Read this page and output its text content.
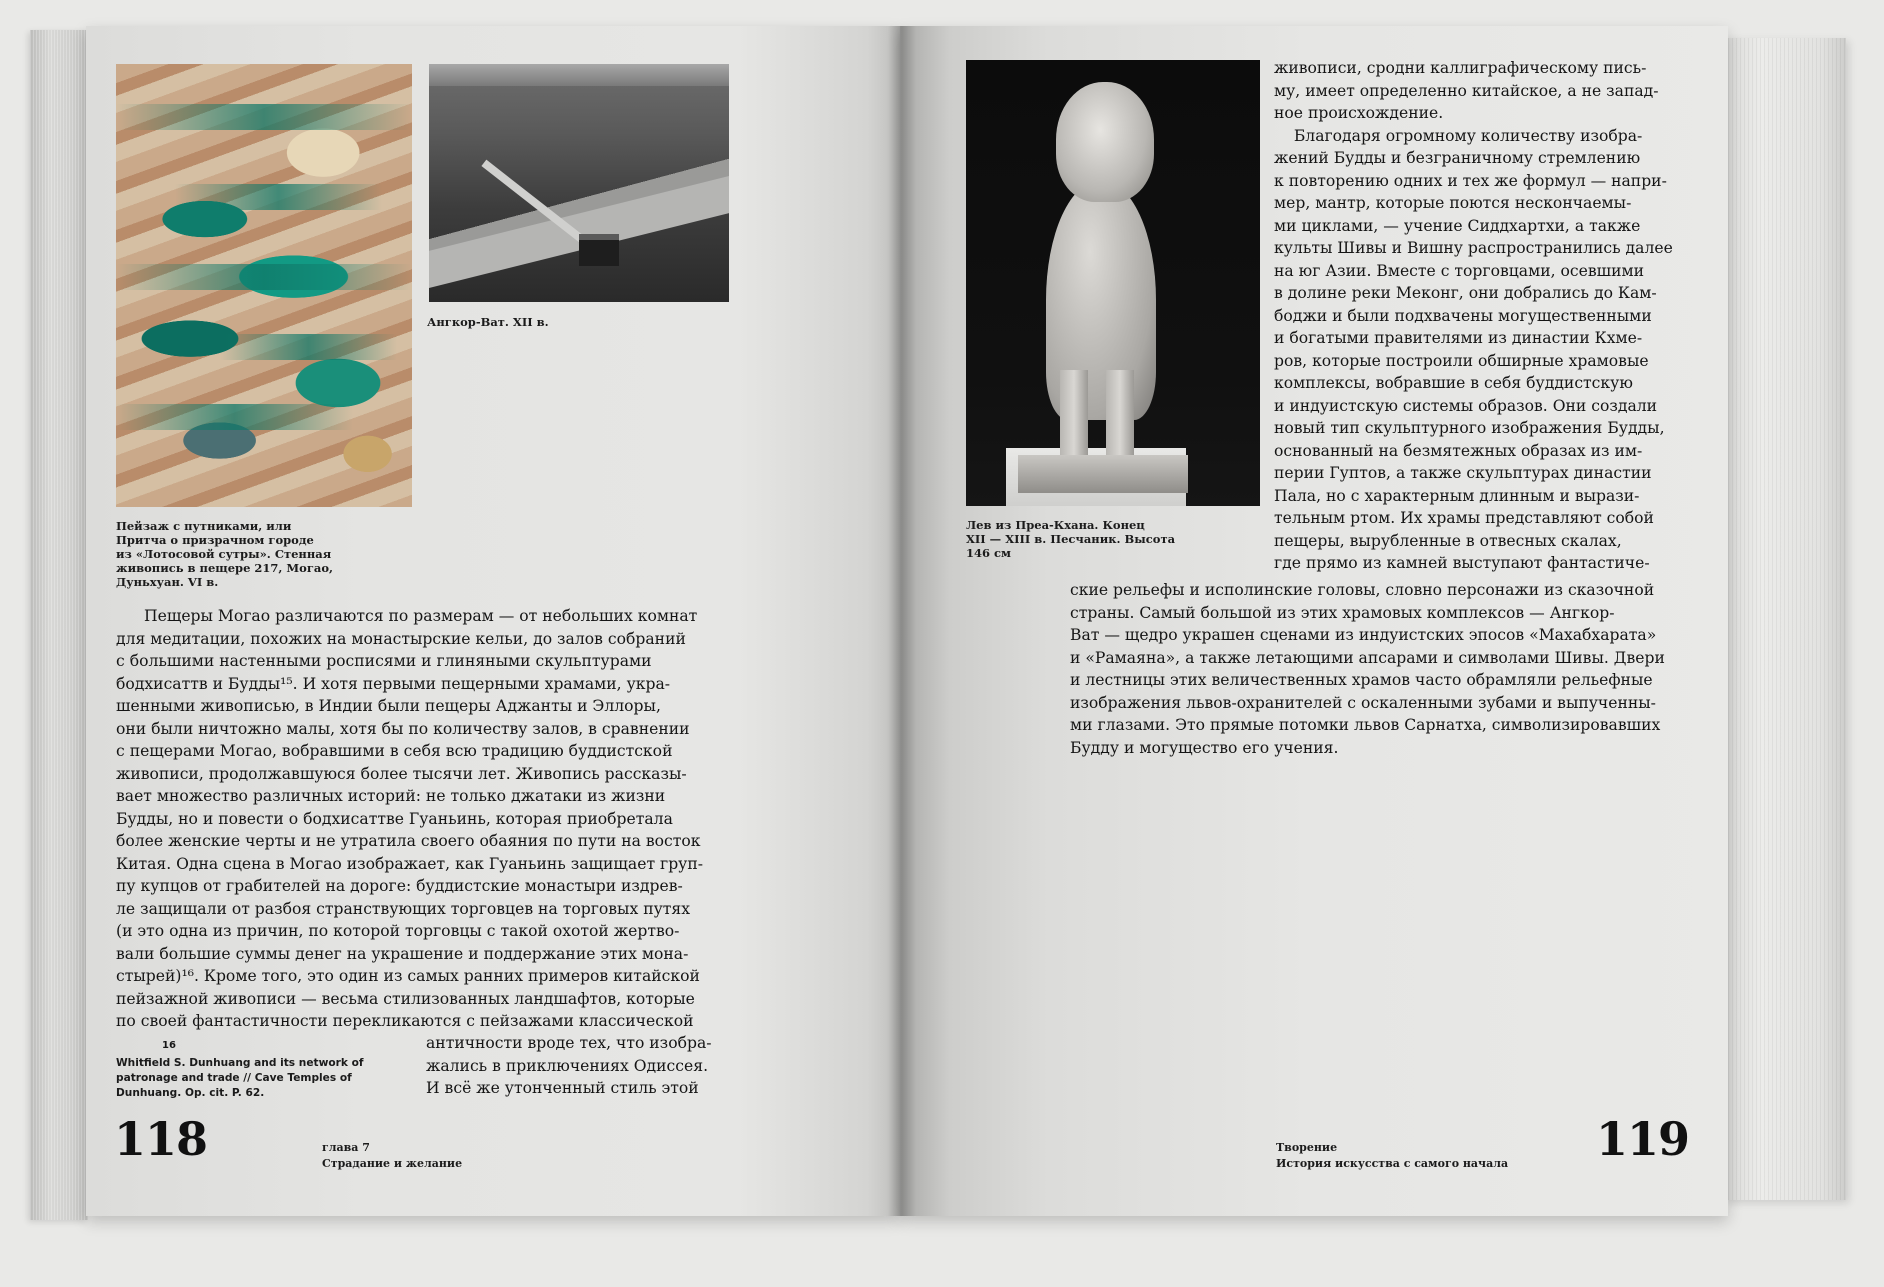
Пейзаж с путниками, или
Притча о призрачном городе
из «Лотосовой сутры». Стенная
живопись в пещере 217, Могао,
Дуньхуан. VI в.
Ангкор-Ват. XII в.
Пещеры Могао различаются по размерам — от небольших комнат
для медитации, похожих на монастырские кельи, до залов собраний
с большими настенными росписями и глиняными скульптурами
бодхисаттв и Будды¹⁵. И хотя первыми пещерными храмами, укра-
шенными живописью, в Индии были пещеры Аджанты и Эллоры,
они были ничтожно малы, хотя бы по количеству залов, в сравнении
с пещерами Могао, вобравшими в себя всю традицию буддистской
живописи, продолжавшуюся более тысячи лет. Живопись рассказы-
вает множество различных историй: не только джатаки из жизни
Будды, но и повести о бодхисаттве Гуаньинь, которая приобретала
более женские черты и не утратила своего обаяния по пути на восток
Китая. Одна сцена в Могао изображает, как Гуаньинь защищает груп-
пу купцов от грабителей на дороге: буддистские монастыри издрев-
ле защищали от разбоя странствующих торговцев на торговых путях
(и это одна из причин, по которой торговцы с такой охотой жертво-
вали большие суммы денег на украшение и поддержание этих мона-
стырей)¹⁶. Кроме того, это один из самых ранних примеров китайской
пейзажной живописи — весьма стилизованных ландшафтов, которые
по своей фантастичности перекликаются с пейзажами классической
античности вроде тех, что изобра-
жались в приключениях Одиссея.
И всё же утонченный стиль этой
16
Whitfield S. Dunhuang and its network of
patronage and trade // Cave Temples of
Dunhuang. Op. cit. P. 62.
118	глава 7
Страдание и желание
Лев из Преа-Кхана. Конец
XII — XIII в. Песчаник. Высота
146 см
живописи, сродни каллиграфическому пись-
му, имеет определенно китайское, а не запад-
ное происхождение.
Благодаря огромному количеству изобра-
жений Будды и безграничному стремлению
к повторению одних и тех же формул — напри-
мер, мантр, которые поются нескончаемы-
ми циклами, — учение Сиддхартхи, а также
культы Шивы и Вишну распространились далее
на юг Азии. Вместе с торговцами, осевшими
в долине реки Меконг, они добрались до Кам-
боджи и были подхвачены могущественными
и богатыми правителями из династии Кхме-
ров, которые построили обширные храмовые
комплексы, вобравшие в себя буддистскую
и индуистскую системы образов. Они создали
новый тип скульптурного изображения Будды,
основанный на безмятежных образах из им-
перии Гуптов, а также скульптурах династии
Пала, но с характерным длинным и вырази-
тельным ртом. Их храмы представляют собой
пещеры, вырубленные в отвесных скалах,
где прямо из камней выступают фантастиче-
ские рельефы и исполинские головы, словно персонажи из сказочной
страны. Самый большой из этих храмовых комплексов — Ангкор-
Ват — щедро украшен сценами из индуистских эпосов «Махабхарата»
и «Рамаяна», а также летающими апсарами и символами Шивы. Двери
и лестницы этих величественных храмов часто обрамляли рельефные
изображения львов-охранителей с оскаленными зубами и выпученны-
ми глазами. Это прямые потомки львов Сарнатха, символизировавших
Будду и могущество его учения.
Творение
История искусства с самого начала 119
